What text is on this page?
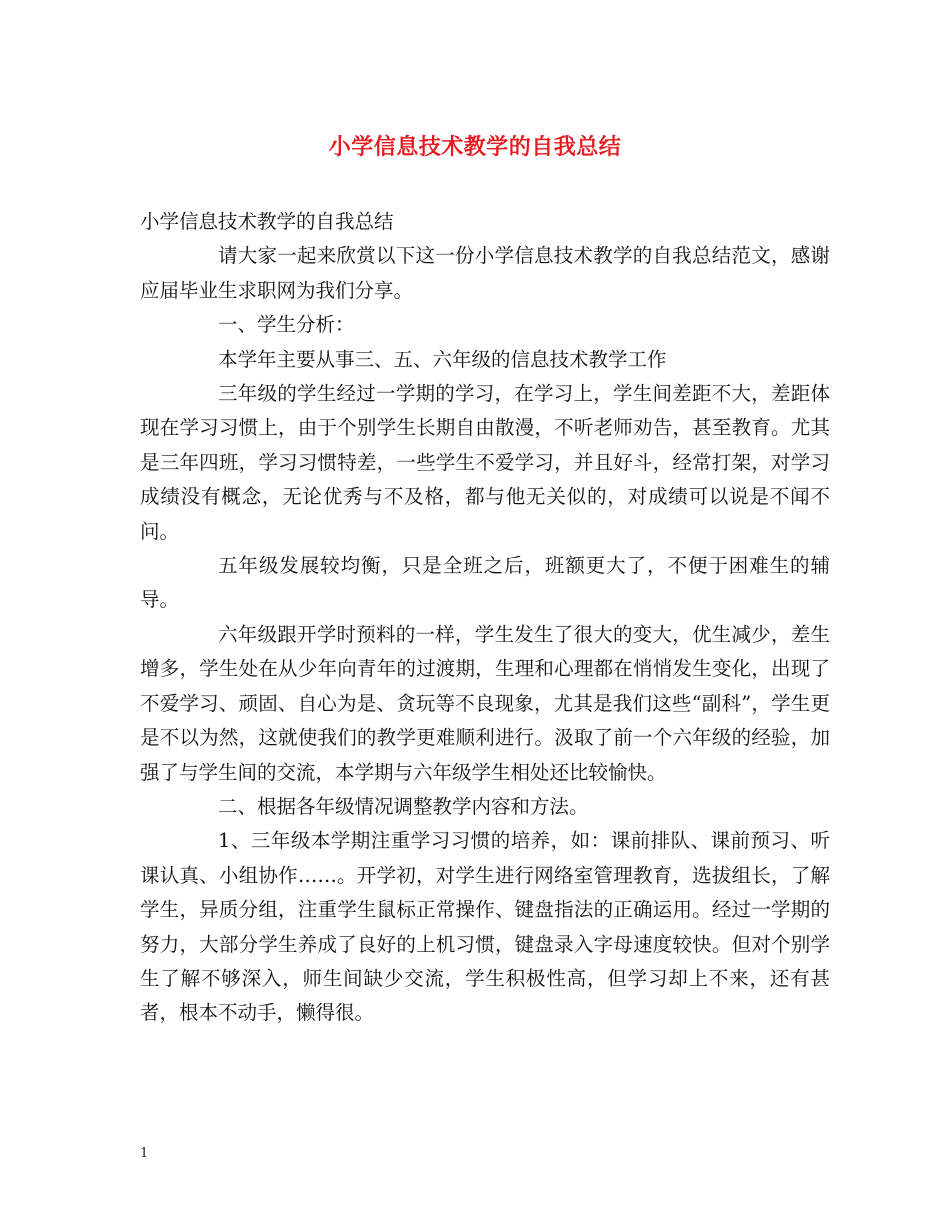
小学信息技术教学的自我总结

小学信息技术教学的自我总结

请大家一起来欣赏以下这一份小学信息技术教学的自我总结范文，感谢应届毕业生求职网为我们分享。

一、学生分析：

本学年主要从事三、五、六年级的信息技术教学工作

三年级的学生经过一学期的学习，在学习上，学生间差距不大，差距体现在学习习惯上，由于个别学生长期自由散漫，不听老师劝告，甚至教育。尤其是三年四班，学习习惯特差，一些学生不爱学习，并且好斗，经常打架，对学习成绩没有概念，无论优秀与不及格，都与他无关似的，对成绩可以说是不闻不问。

五年级发展较均衡，只是全班之后，班额更大了，不便于困难生的辅导。

六年级跟开学时预料的一样，学生发生了很大的变大，优生减少，差生增多，学生处在从少年向青年的过渡期，生理和心理都在悄悄发生变化，出现了不爱学习、顽固、自心为是、贪玩等不良现象，尤其是我们这些“副科”，学生更是不以为然，这就使我们的教学更难顺利进行。汲取了前一个六年级的经验，加强了与学生间的交流，本学期与六年级学生相处还比较愉快。

二、根据各年级情况调整教学内容和方法。

1、三年级本学期注重学习习惯的培养，如：课前排队、课前预习、听课认真、小组协作……。开学初，对学生进行网络室管理教育，选拔组长，了解学生，异质分组，注重学生鼠标正常操作、键盘指法的正确运用。经过一学期的努力，大部分学生养成了良好的上机习惯，键盘录入字母速度较快。但对个别学生了解不够深入，师生间缺少交流，学生积极性高，但学习却上不来，还有甚者，根本不动手，懒得很。

1
